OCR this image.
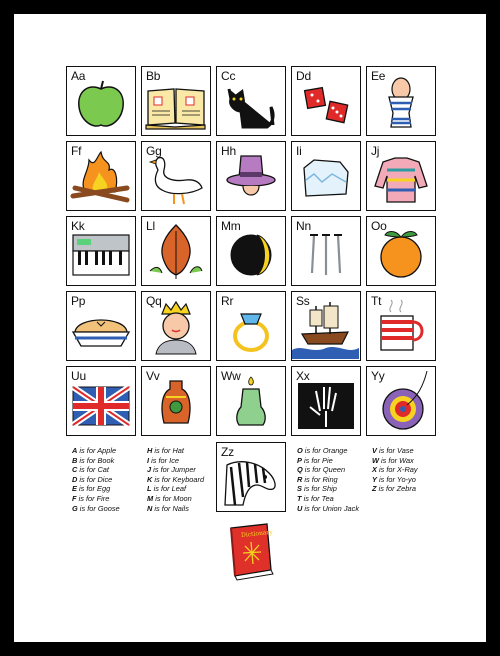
Aa	Bb	Cc	Dd	Ee
Ff	Gg	Hh	Ii	Jj
Kk	Ll	Mm	Nn	Oo
Pp	Qq	Rr	Ss	Tt
Uu	Vv	Ww	Xx	Yy
Zz
A is for Apple
B is for Book
C is for Cat
D is for Dice
E is for Egg
F is for Fire
G is for Goose
H is for Hat
I is for Ice
J is for Jumper
K is for Keyboard
L is for Leaf
M is for Moon
N is for Nails
O is for Orange
P is for Pie
Q is for Queen
R is for Ring
S is for Ship
T is for Tea
U is for Union Jack
V is for Vase
W is for Wax
X is for X-Ray
Y is for Yo-yo
Z is for Zebra
Dictionary
